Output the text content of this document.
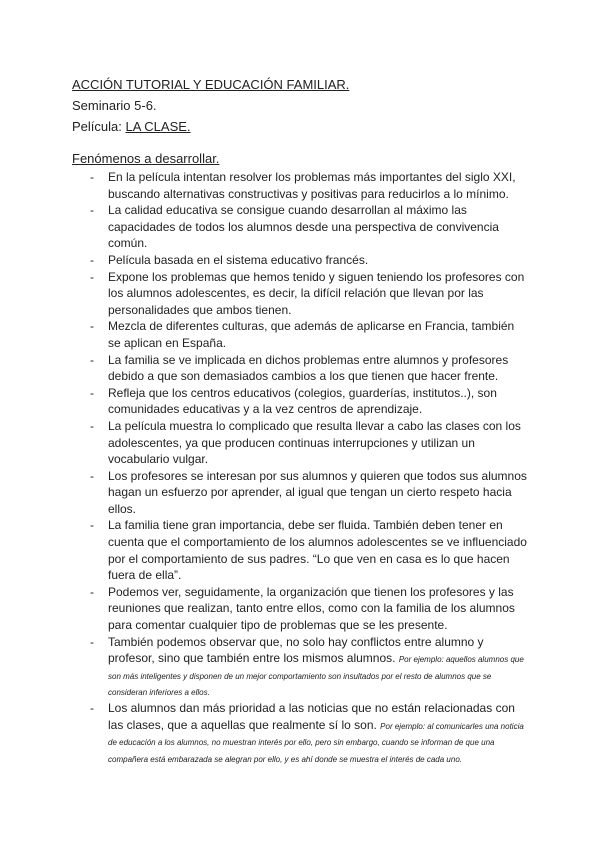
ACCIÓN TUTORIAL Y EDUCACIÓN FAMILIAR.
Seminario 5-6.
Película: LA CLASE.
Fenómenos a desarrollar.
- En la película intentan resolver los problemas más importantes del siglo XXI, buscando alternativas constructivas y positivas para reducirlos a lo mínimo.
- La calidad educativa se consigue cuando desarrollan al máximo las capacidades de todos los alumnos desde una perspectiva de convivencia común.
- Película basada en el sistema educativo francés.
- Expone los problemas que hemos tenido y siguen teniendo los profesores con los alumnos adolescentes, es decir, la difícil relación que llevan por las personalidades que ambos tienen.
- Mezcla de diferentes culturas, que además de aplicarse en Francia, también se aplican en España.
- La familia se ve implicada en dichos problemas entre alumnos y profesores debido a que son demasiados cambios a los que tienen que hacer frente.
- Refleja que los centros educativos (colegios, guarderías, institutos..), son comunidades educativas y a la vez centros de aprendizaje.
- La película muestra lo complicado que resulta llevar a cabo las clases con los adolescentes, ya que producen continuas interrupciones y utilizan un vocabulario vulgar.
- Los profesores se interesan por sus alumnos y quieren que todos sus alumnos hagan un esfuerzo por aprender, al igual que tengan un cierto respeto hacia ellos.
- La familia tiene gran importancia, debe ser fluida. También deben tener en cuenta que el comportamiento de los alumnos adolescentes se ve influenciado por el comportamiento de sus padres. “Lo que ven en casa es lo que hacen fuera de ella”.
- Podemos ver, seguidamente, la organización que tienen los profesores y las reuniones que realizan, tanto entre ellos, como con la familia de los alumnos para comentar cualquier tipo de problemas que se les presente.
- También podemos observar que, no solo hay conflictos entre alumno y profesor, sino que también entre los mismos alumnos. Por ejemplo: aquellos alumnos que son más inteligentes y disponen de un mejor comportamiento son insultados por el resto de alumnos que se consideran inferiores a ellos.
- Los alumnos dan más prioridad a las noticias que no están relacionadas con las clases, que a aquellas que realmente sí lo son. Por ejemplo: al comunicarles una noticia de educación a los alumnos, no muestran interés por ello, pero sin embargo, cuando se informan de que una compañera está embarazada se alegran por ello, y es ahí donde se muestra el interés de cada uno.
